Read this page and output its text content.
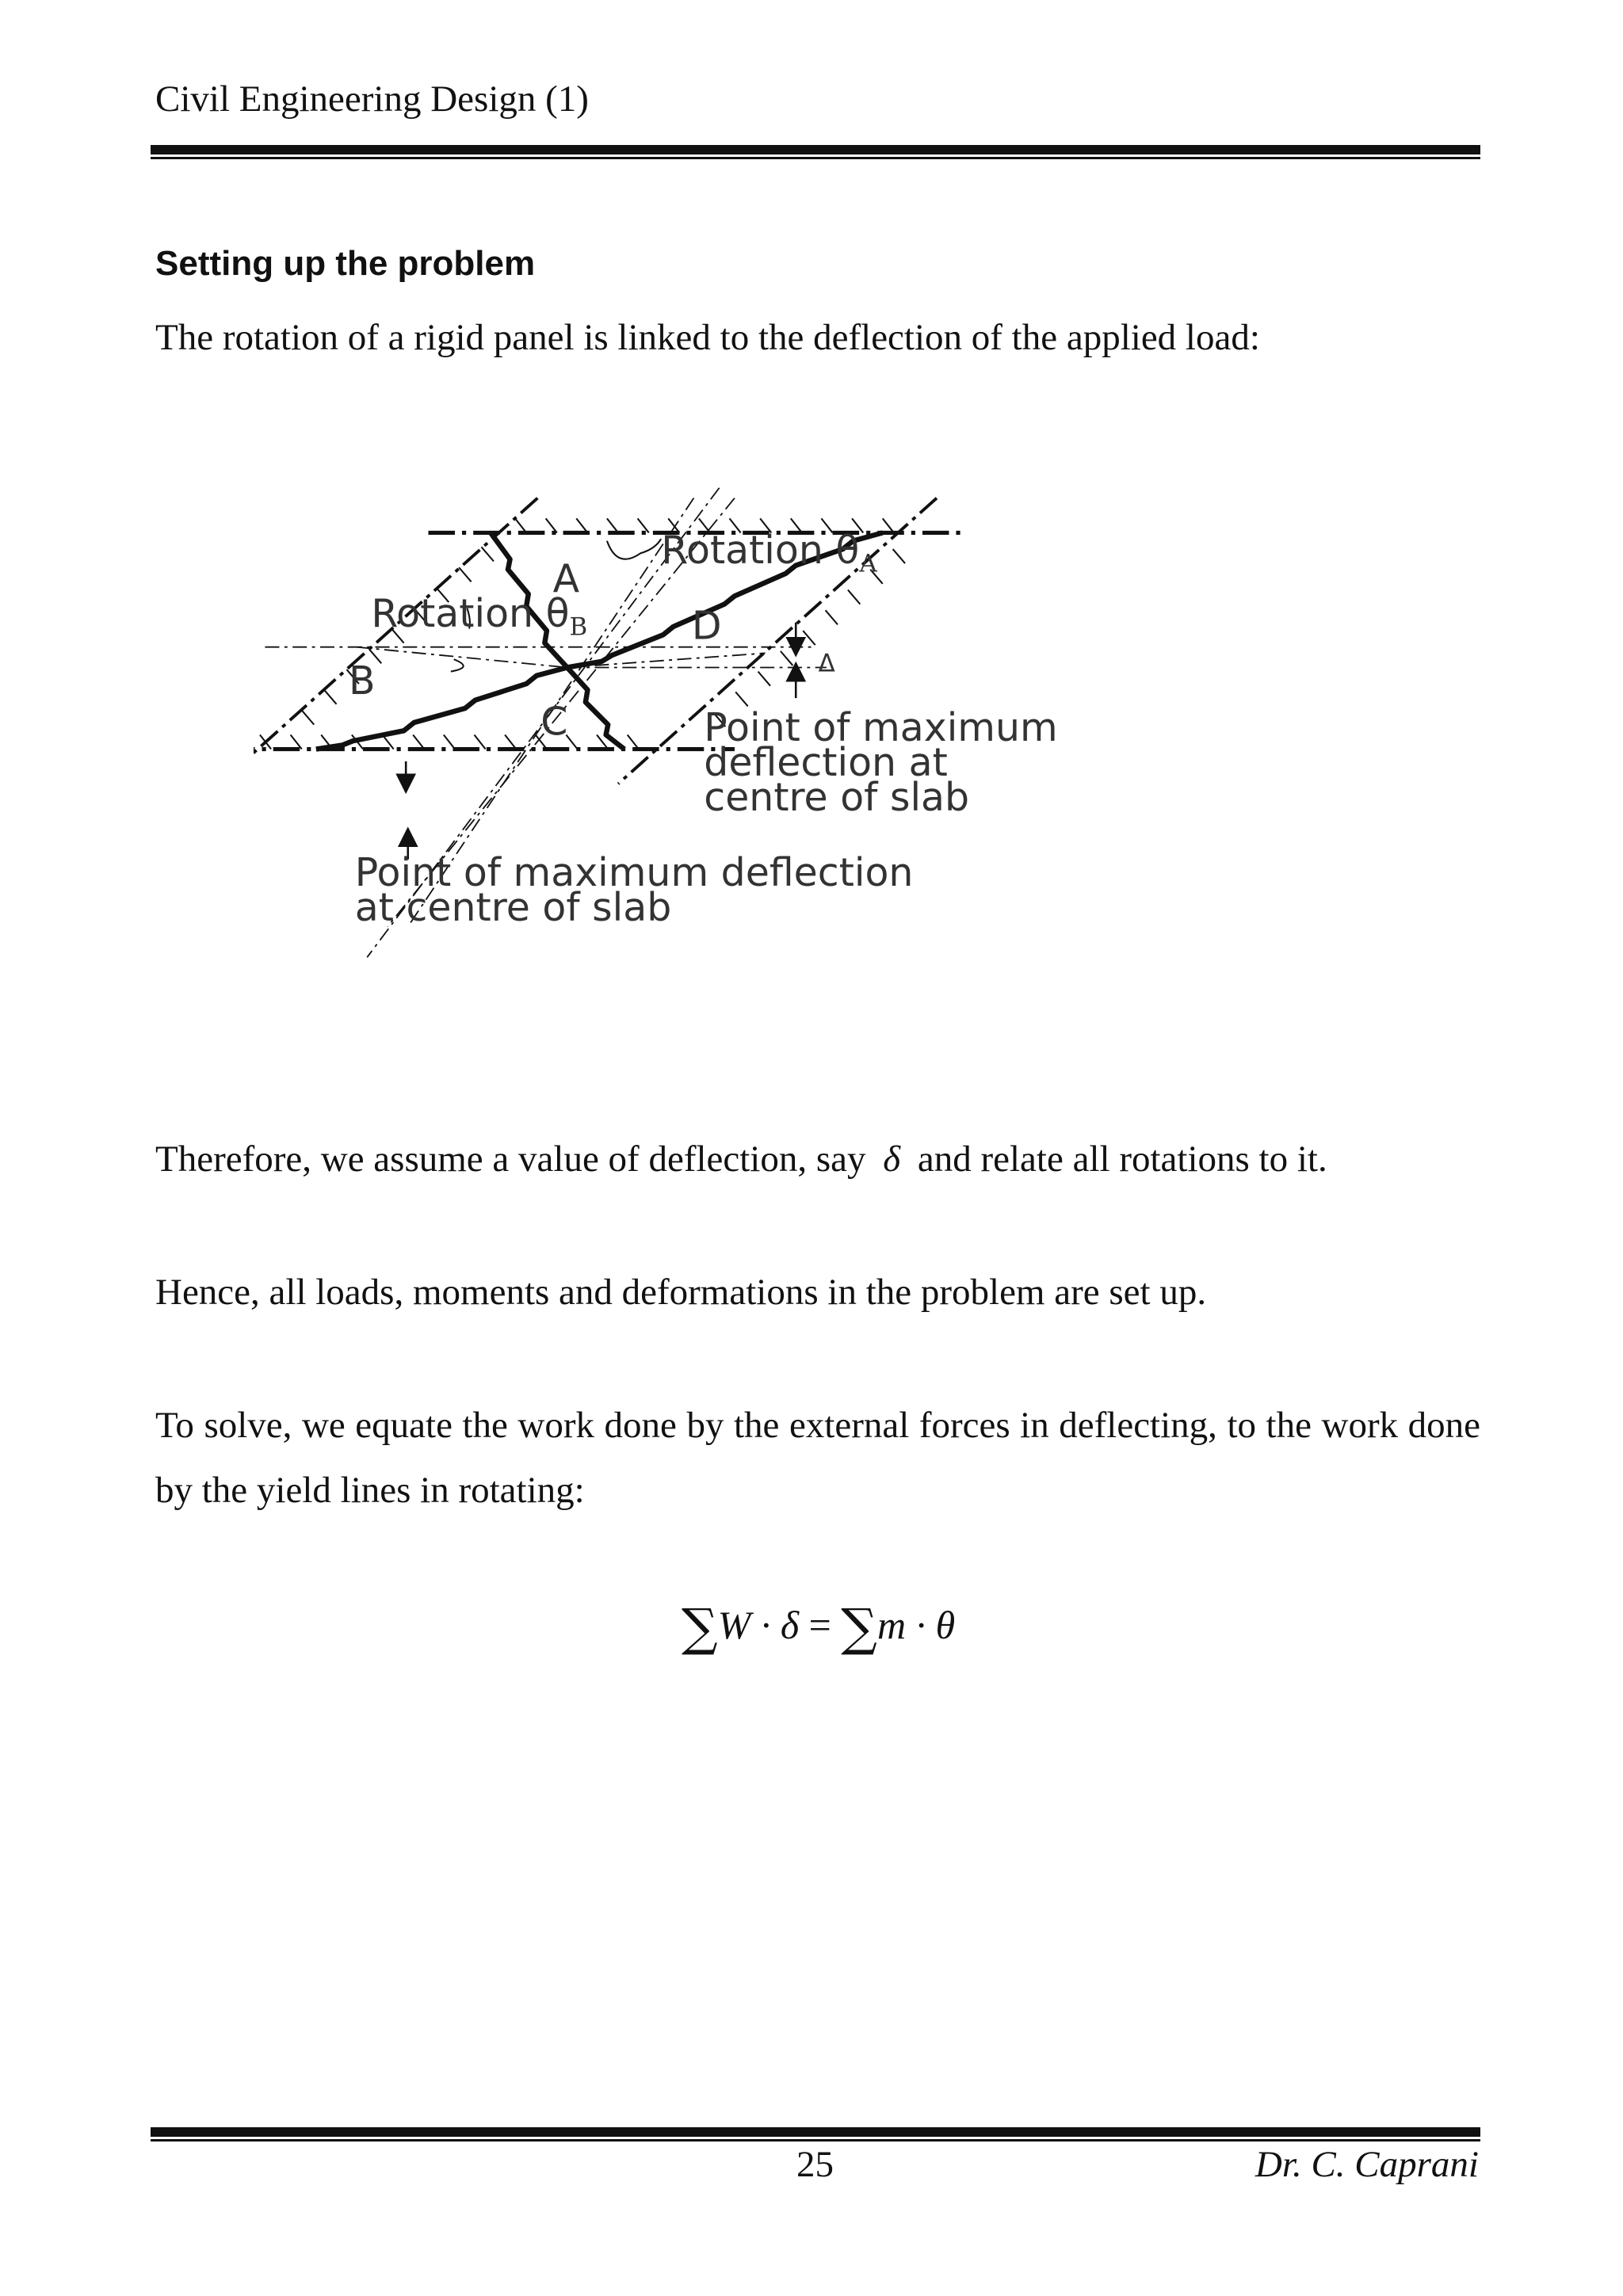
Civil Engineering Design (1)
Setting up the problem
The rotation of a rigid panel is linked to the deflection of the applied load:
A
B
C
D
Rotation $\theta_A$
Rotation $\theta_B$
Δ
Point of maximum
deflection at
centre of slab
Point of maximum deflection
at centre of slab
Therefore, we assume a value of deflection, say δ and relate all rotations to it.
Hence, all loads, moments and deformations in the problem are set up.
To solve, we equate the work done by the external forces in deflecting, to the work done by the yield lines in rotating:
∑W · δ = ∑m · θ
25	Dr. C. Caprani
